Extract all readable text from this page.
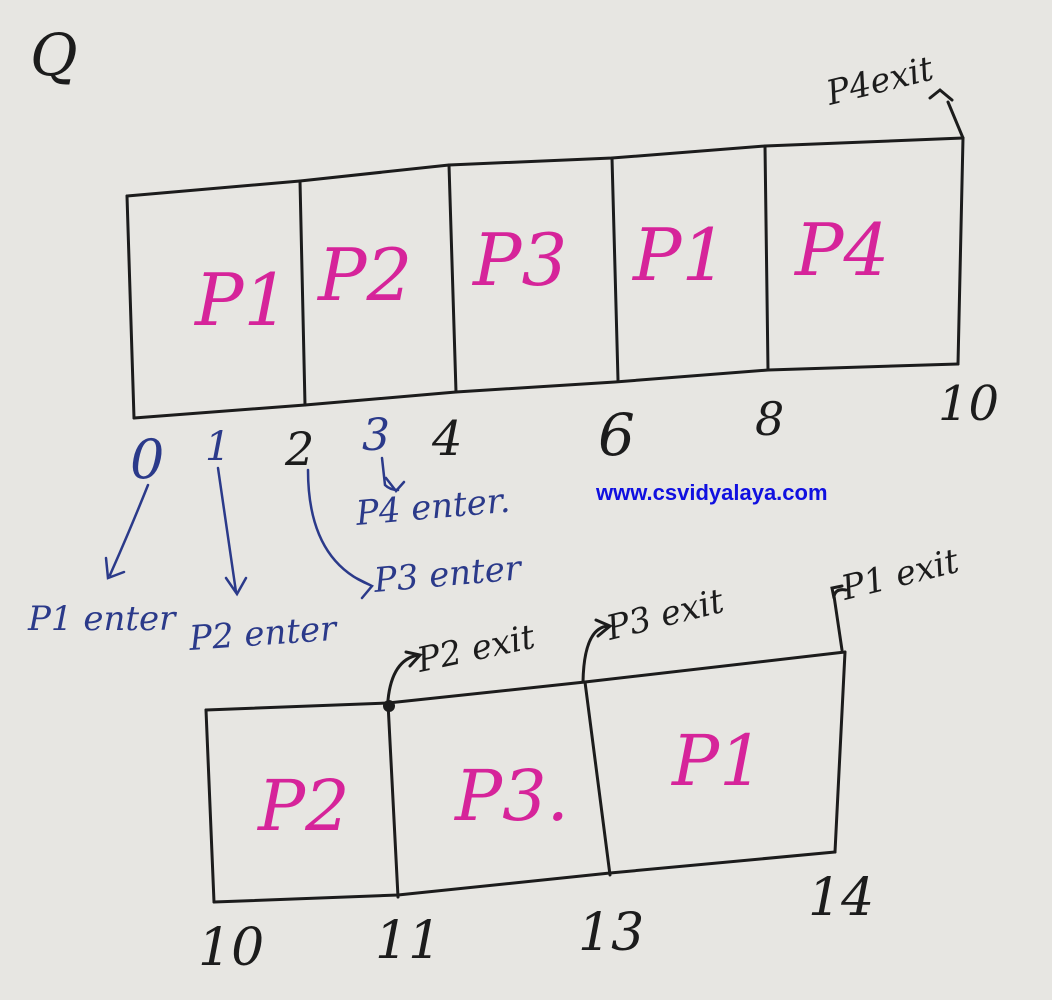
Q
P1 P2 P3 P1 P4
P4exit
0 1 2 3 4 6	8	10
P1 enter P2 enter
P3 enter
P4 enter.	www.csvidyalaya.com
P2 P3. P1
P2 exit
P3 exit
P1 exit
10 11	13
14
